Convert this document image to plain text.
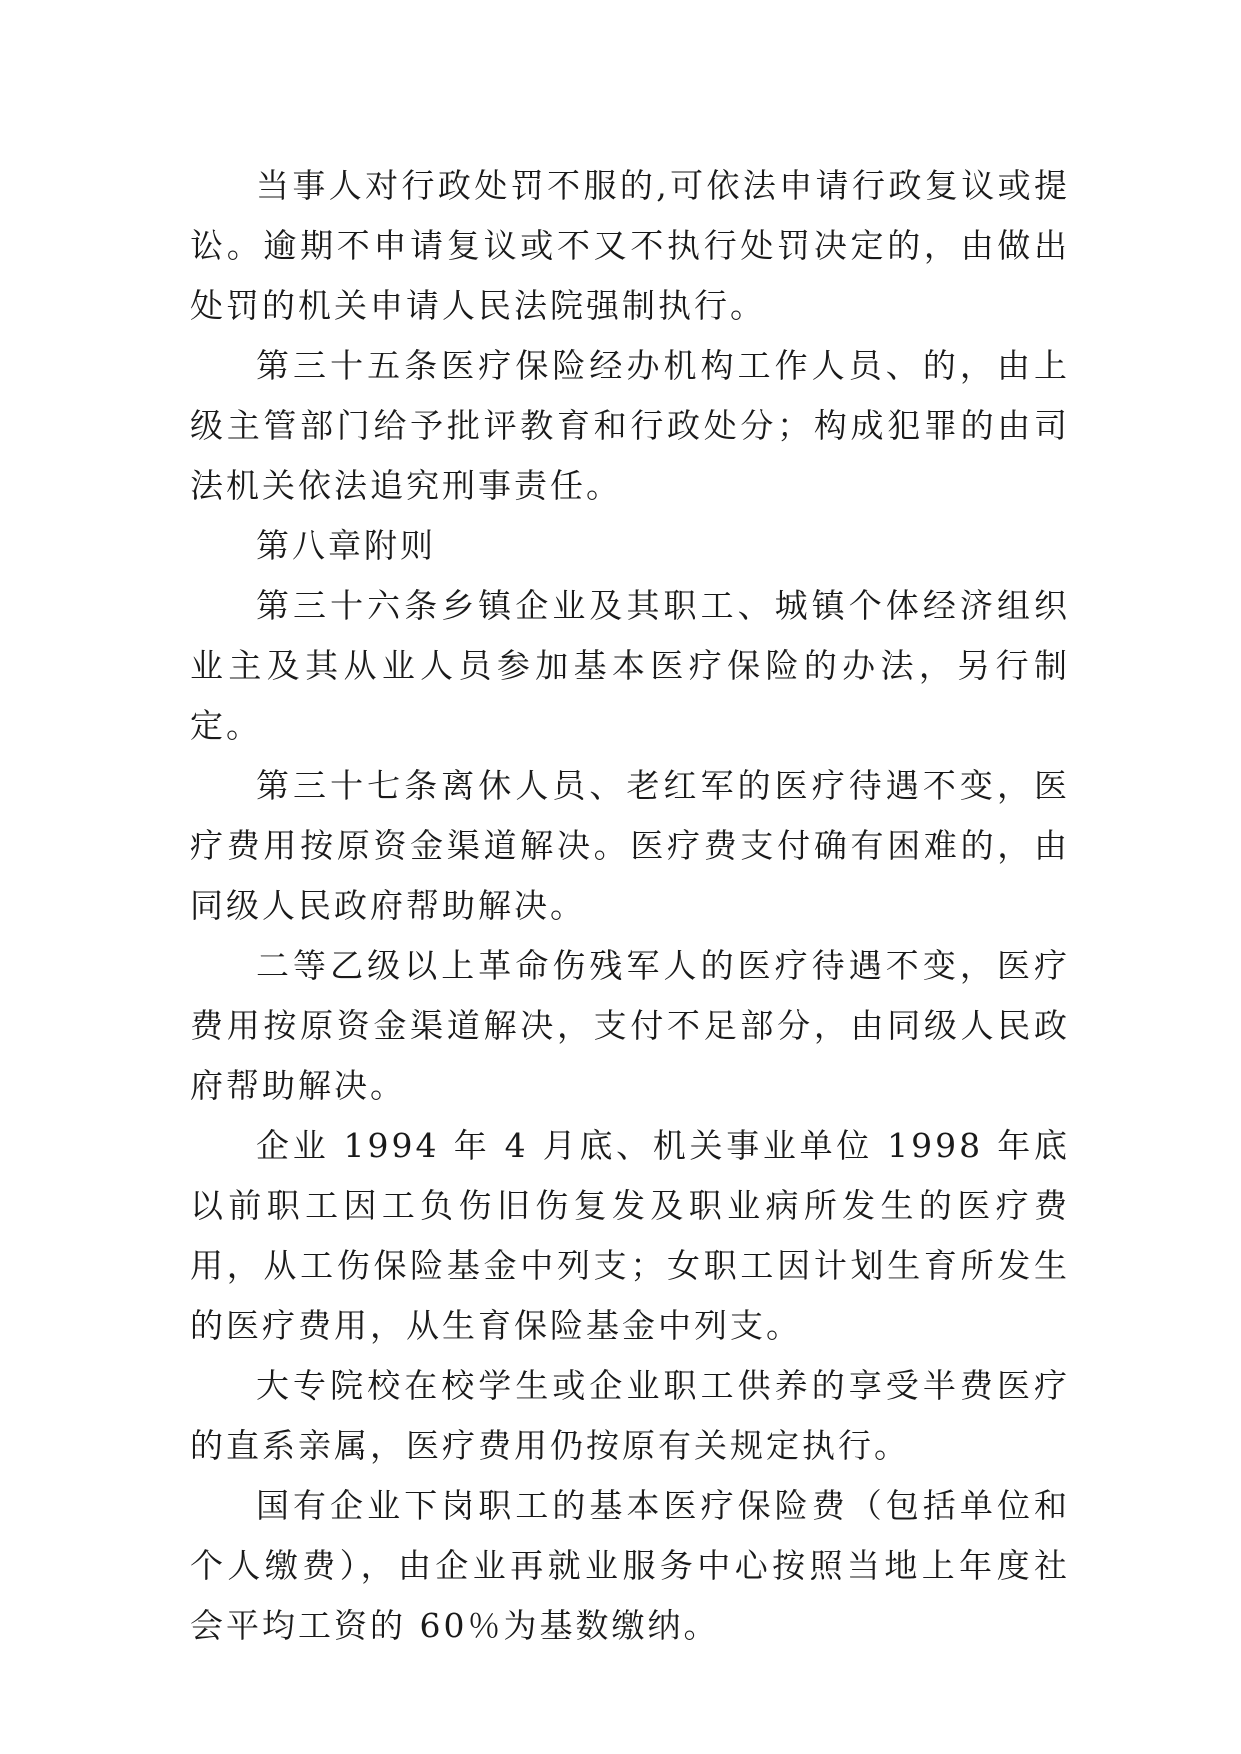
当事人对行政处罚不服的,可依法申请行政复议或提讼。逾期不申请复议或不又不执行处罚决定的，由做出处罚的机关申请人民法院强制执行。

第三十五条医疗保险经办机构工作人员、的，由上级主管部门给予批评教育和行政处分；构成犯罪的由司法机关依法追究刑事责任。

第八章附则

第三十六条乡镇企业及其职工、城镇个体经济组织业主及其从业人员参加基本医疗保险的办法，另行制定。

第三十七条离休人员、老红军的医疗待遇不变，医疗费用按原资金渠道解决。医疗费支付确有困难的，由同级人民政府帮助解决。

二等乙级以上革命伤残军人的医疗待遇不变，医疗费用按原资金渠道解决，支付不足部分，由同级人民政府帮助解决。

企业 1994 年 4 月底、机关事业单位 1998 年底以前职工因工负伤旧伤复发及职业病所发生的医疗费用，从工伤保险基金中列支；女职工因计划生育所发生的医疗费用，从生育保险基金中列支。

大专院校在校学生或企业职工供养的享受半费医疗的直系亲属，医疗费用仍按原有关规定执行。

国有企业下岗职工的基本医疗保险费（包括单位和个人缴费），由企业再就业服务中心按照当地上年度社会平均工资的 60％为基数缴纳。
